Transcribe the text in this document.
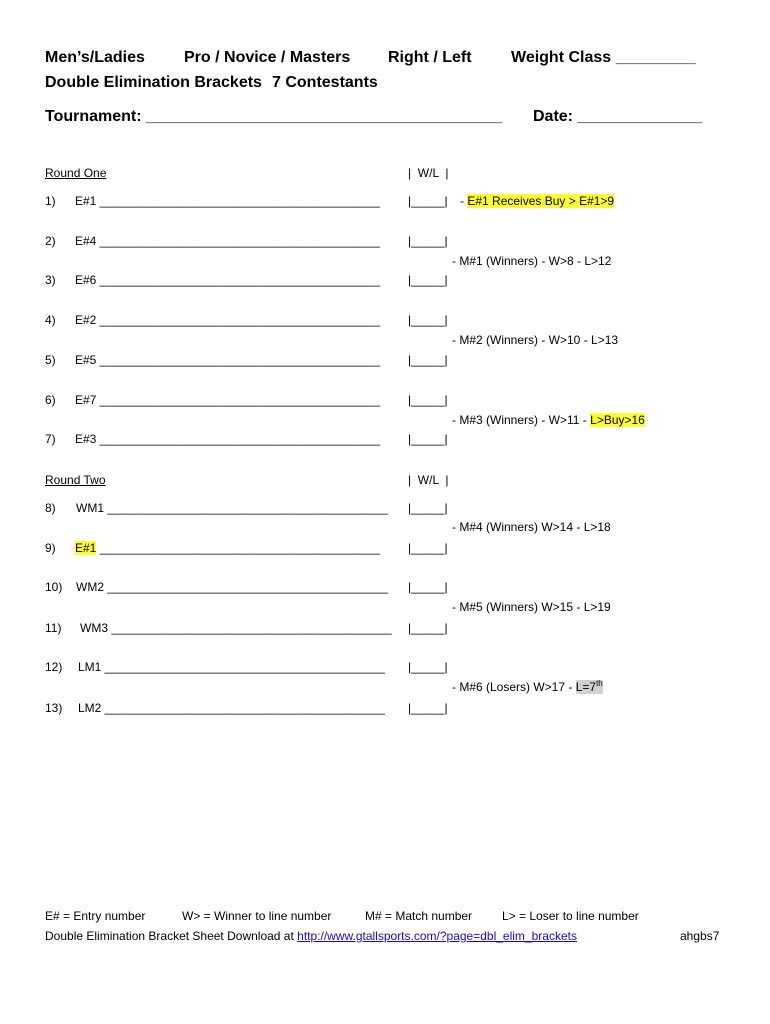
Men’s/Ladies Pro / Novice / Masters Right / Left Weight Class _________
Double Elimination Brackets 7 Contestants
Tournament: ________________________________________ Date: ______________
Round One	|  W/L  |
1) E#1 __________________________________________ |_____|
2) E#4 __________________________________________ |_____|
3) E#6 __________________________________________ |_____|
4) E#2 __________________________________________ |_____|
5) E#5 __________________________________________ |_____|
6) E#7 __________________________________________ |_____|
7) E#3 __________________________________________ |_____|
- E#1 Receives Buy > E#1>9
- M#1 (Winners) - W>8 - L>12
- M#2 (Winners) - W>10 - L>13
- M#3 (Winners) - W>11 - L>Buy>16
Round Two	|  W/L  |
8) WM1 __________________________________________ |_____|
9) E#1 __________________________________________ |_____|
10) WM2 __________________________________________ |_____|
11) WM3 __________________________________________ |_____|
12) LM1 __________________________________________ |_____|
13) LM2 __________________________________________ |_____|
- M#4 (Winners) W>14 - L>18
- M#5 (Winners) W>15 - L>19
- M#6 (Losers) W>17 - L=7th
E# = Entry number	W> = Winner to line number	M# = Match number L> = Loser to line number
Double Elimination Bracket Sheet Download at http://www.gtallsports.com/?page=dbl_elim_brackets	ahgbs7
